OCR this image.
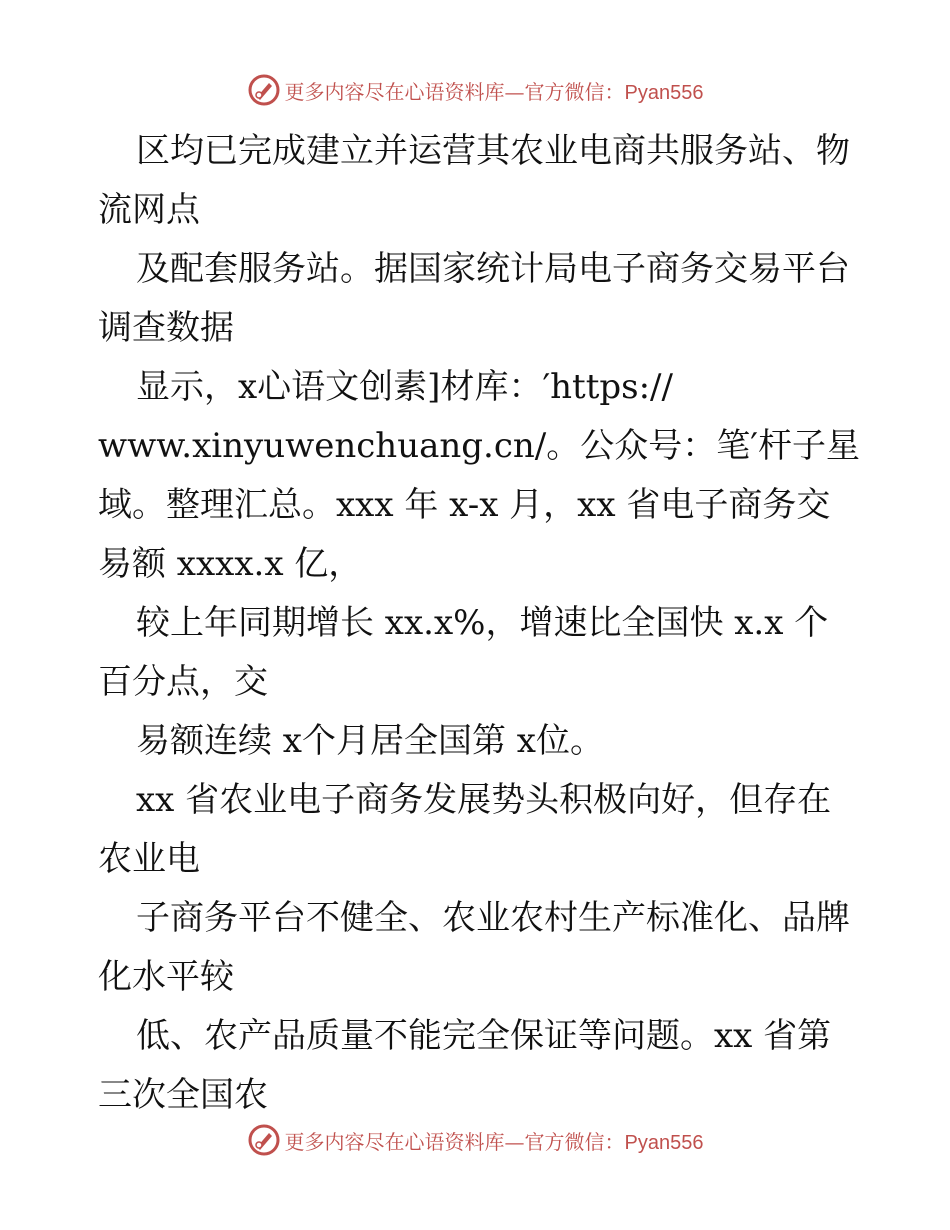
更多内容尽在心语资料库—官方微信：Pyan556
区均已完成建立并运营其农业电商共服务站、物
流网点
及配套服务站。据国家统计局电子商务交易平台
调查数据
显示，x心语文创素]材库：′https://
www.xinyuwenchuang.cn/。公众号：笔′杆子星
域。整理汇总。xxx 年 x-x 月，xx 省电子商务交
易额 xxxx.x 亿，
较上年同期增长 xx.x%，增速比全国快 x.x 个
百分点，交
易额连续 x个月居全国第 x位。
xx 省农业电子商务发展势头积极向好，但存在
农业电
子商务平台不健全、农业农村生产标准化、品牌
化水平较
低、农产品质量不能完全保证等问题。xx 省第
三次全国农
更多内容尽在心语资料库—官方微信：Pyan556
